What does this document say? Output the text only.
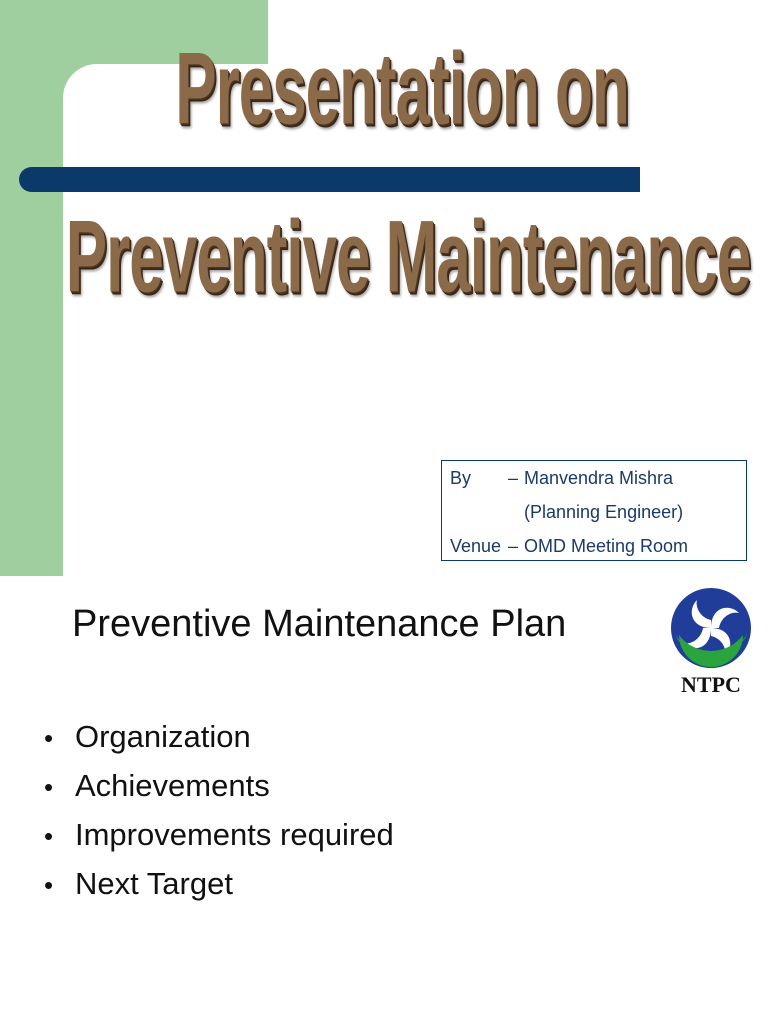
Presentation on
Preventive Maintenance
By – Manvendra Mishra
(Planning Engineer)
Venue – OMD Meeting Room
Preventive Maintenance Plan
NTPC
• Organization
• Achievements
• Improvements required
• Next Target
